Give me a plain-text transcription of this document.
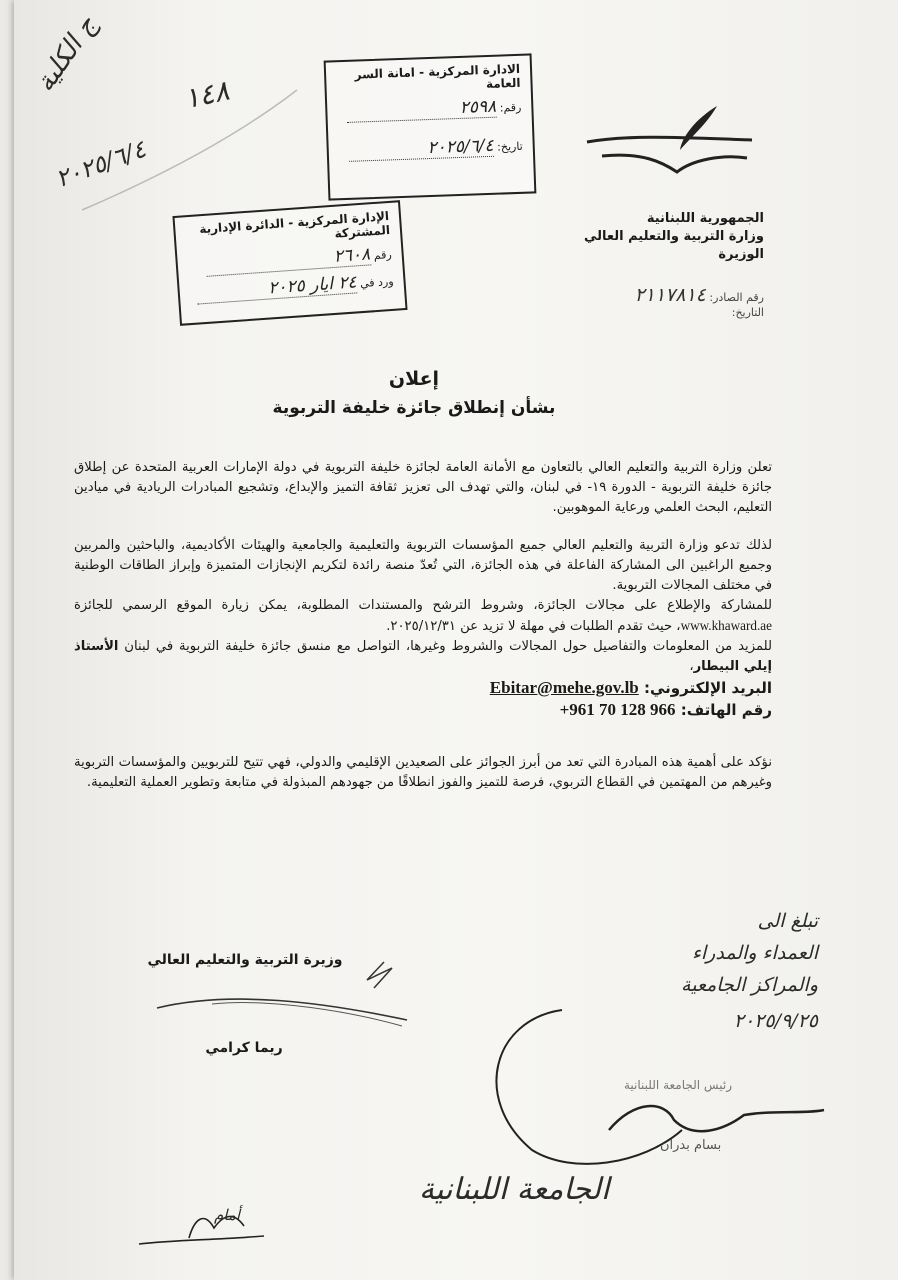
ج الكلية
٢٠٢٥/٦/٤
١٤٨
الادارة المركزية - امانة السر العامة
رقم: ٢٥٩٨
تاريخ: ٢٠٢٥/٦/٤
الإدارة المركزية - الدائرة الإدارية المشتركة
رقم ٢٦٠٨
ورد في ٢٤ ايار ٢٠٢٥
الجمهورية اللبنانية
وزارة التربية والتعليم العالي
الوزيرة
رقم الصادر: ٢١١٧٨١٤
التاريخ:
إعلان
بشأن إنطلاق جائزة خليفة التربوية

تعلن وزارة التربية والتعليم العالي بالتعاون مع الأمانة العامة لجائزة خليفة التربوية في دولة الإمارات العربية المتحدة عن إطلاق جائزة خليفة التربوية - الدورة ١٩- في لبنان، والتي تهدف الى تعزيز ثقافة التميز والإبداع، وتشجيع المبادرات الريادية في ميادين التعليم، البحث العلمي ورعاية الموهوبين.

لذلك تدعو وزارة التربية والتعليم العالي جميع المؤسسات التربوية والتعليمية والجامعية والهيئات الأكاديمية، والباحثين والمربين وجميع الراغبين الى المشاركة الفاعلة في هذه الجائزة، التي تُعدّ منصة رائدة لتكريم الإنجازات المتميزة وإبراز الطاقات الوطنية في مختلف المجالات التربوية.

للمشاركة والإطلاع على مجالات الجائزة، وشروط الترشح والمستندات المطلوبة، يمكن زيارة الموقع الرسمي للجائزة www.khaward.ae، حيث تقدم الطلبات في مهلة لا تزيد عن ٢٠٢٥/١٢/٣١.

للمزيد من المعلومات والتفاصيل حول المجالات والشروط وغيرها، التواصل مع منسق جائزة خليفة التربوية في لبنان الأستاذ إيلي البيطار،

البريد الإلكتروني: Ebitar@mehe.gov.lb
رقم الهاتف: +961 70 128 966

نؤكد على أهمية هذه المبادرة التي تعد من أبرز الجوائز على الصعيدين الإقليمي والدولي، فهي تتيح للتربويين والمؤسسات التربوية وغيرهم من المهتمين في القطاع التربوي، فرصة للتميز والفوز انطلاقًا من جهودهم المبذولة في متابعة وتطوير العملية التعليمية.

وزيرة التربية والتعليم العالي
ريما كرامي
تبلغ الى
العمداء والمدراء
والمراكز الجامعية
٢٠٢٥/٩/٢٥
رئيس الجامعة اللبنانية
بسام بدران
الجامعة اللبنانية
أمام
